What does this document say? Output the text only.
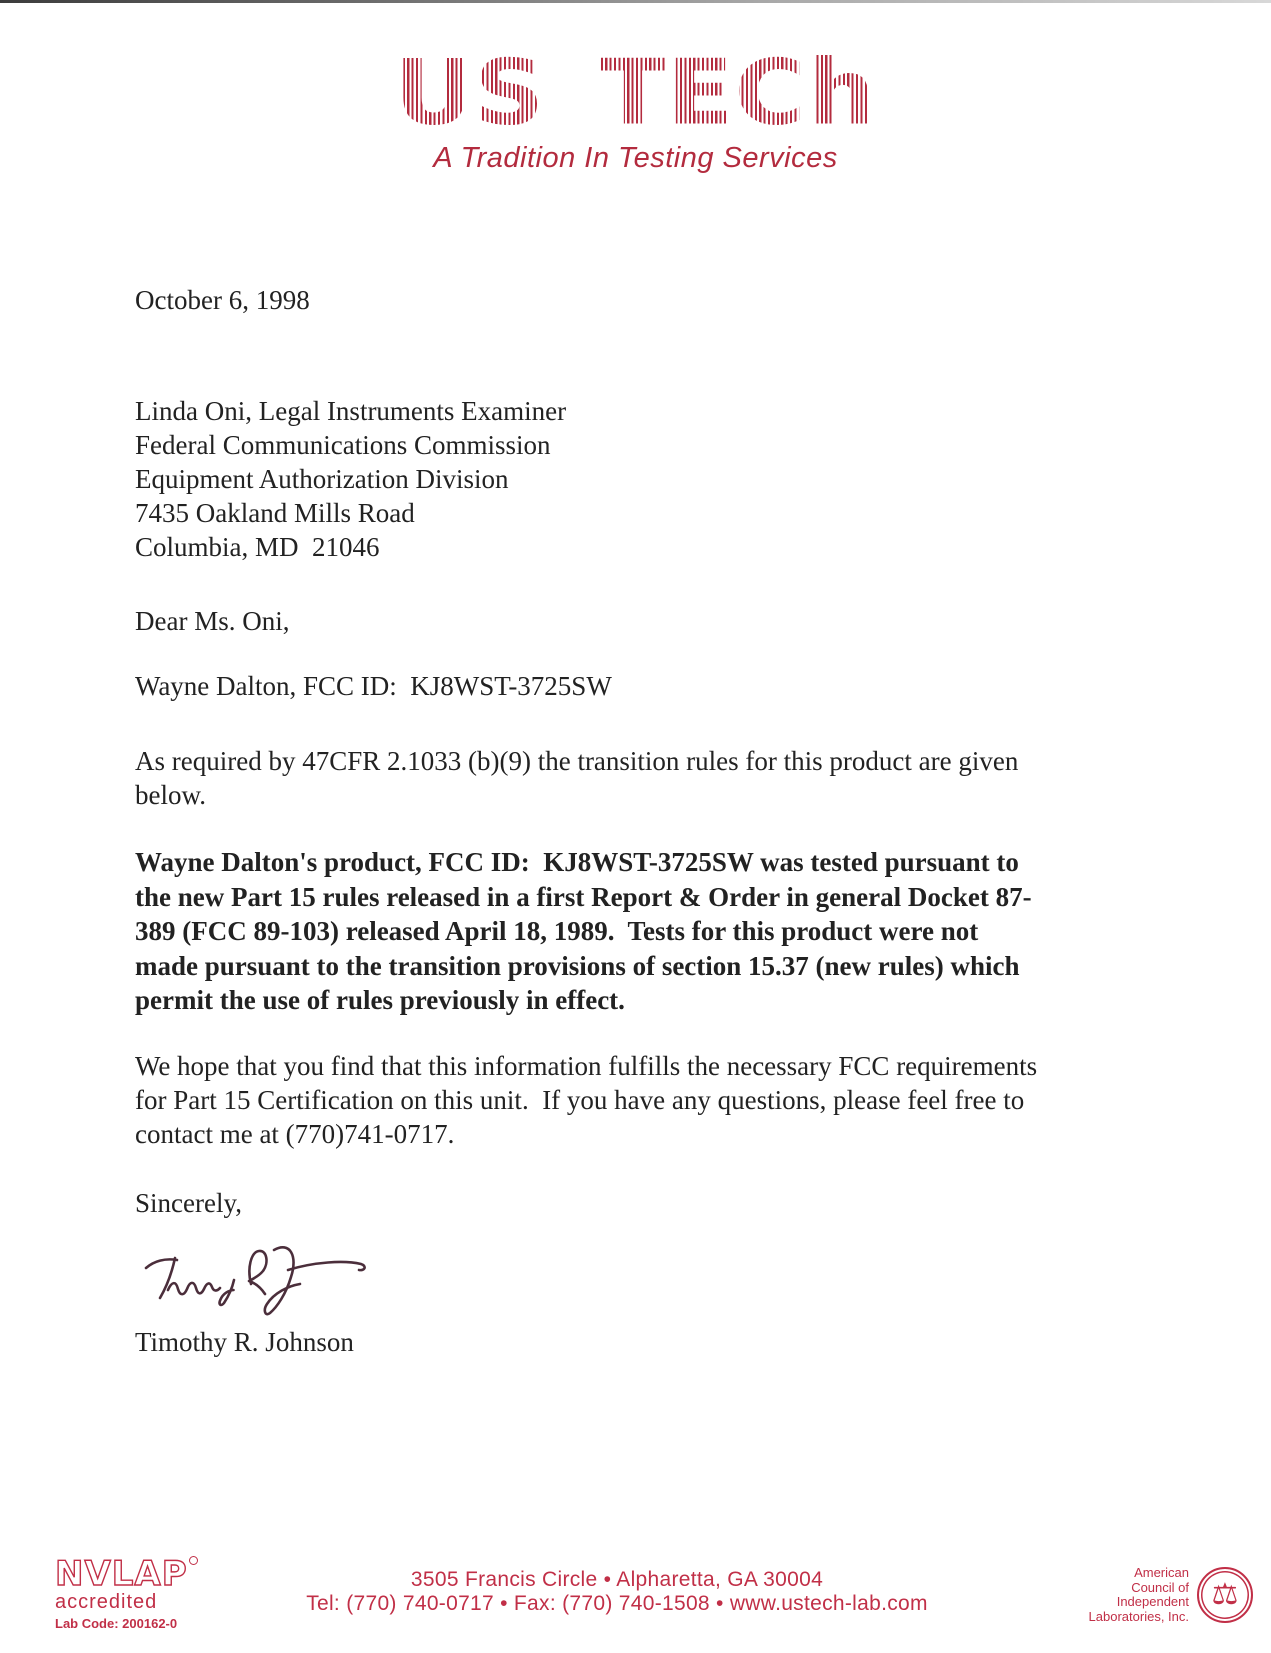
US TECh
A Tradition In Testing Services
October 6, 1998
Linda Oni, Legal Instruments Examiner
Federal Communications Commission
Equipment Authorization Division
7435 Oakland Mills Road
Columbia, MD  21046
Dear Ms. Oni,
Wayne Dalton, FCC ID:  KJ8WST-3725SW
As required by 47CFR 2.1033 (b)(9) the transition rules for this product are given
below.
Wayne Dalton's product, FCC ID:  KJ8WST-3725SW was tested pursuant to
the new Part 15 rules released in a first Report & Order in general Docket 87-
389 (FCC 89-103) released April 18, 1989.  Tests for this product were not
made pursuant to the transition provisions of section 15.37 (new rules) which
permit the use of rules previously in effect.
We hope that you find that this information fulfills the necessary FCC requirements
for Part 15 Certification on this unit.  If you have any questions, please feel free to
contact me at (770)741-0717.
Sincerely,
Timothy R. Johnson
NVLAP
accredited
Lab Code: 200162-0
3505 Francis Circle • Alpharetta, GA 30004
Tel: (770) 740-0717 • Fax: (770) 740-1508 • www.ustech-lab.com
American
Council of
Independent
Laboratories, Inc.
⚖
